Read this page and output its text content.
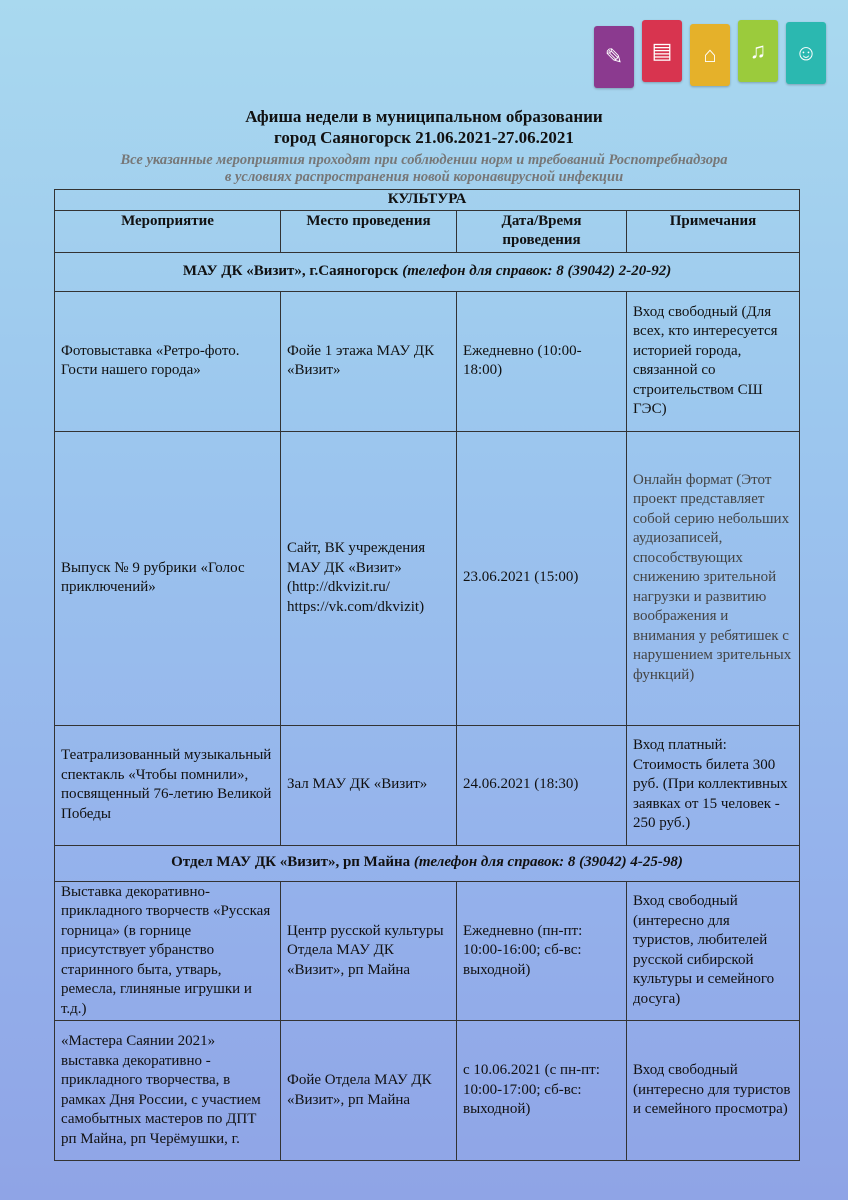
✎	▤	⌂	♫	☺
Афиша недели в муниципальном образовании
город Саяногорск 21.06.2021-27.06.2021
Все указанные мероприятия проходят при соблюдении норм и требований Роспотребнадзора
в условиях распространения новой коронавирусной инфекции
КУЛЬТУРА			
Мероприятие	Место проведения	Дата/Время проведения	Примечания
МАУ ДК «Визит», г.Саяногорск (телефон для справок: 8 (39042) 2-20-92)			
Фотовыставка «Ретро-фото. Гости нашего города»	Фойе 1 этажа МАУ ДК «Визит»	Ежедневно (10:00-18:00)	Вход свободный (Для всех, кто интересуется историей города, связанной со строительством СШ ГЭС)
Выпуск № 9 рубрики «Голос приключений»	Сайт, ВК учреждения МАУ ДК «Визит» (http://dkvizit.ru/ https://vk.com/dkvizit)	23.06.2021 (15:00)	Онлайн формат (Этот проект представляет собой серию небольших аудиозаписей, способствующих снижению зрительной нагрузки и развитию воображения и внимания у ребятишек с нарушением зрительных функций)
Театрализованный музыкальный спектакль «Чтобы помнили», посвященный 76-летию Великой Победы	Зал МАУ ДК «Визит»	24.06.2021 (18:30)	Вход платный: Стоимость билета 300 руб. (При коллективных заявках от 15 человек - 250 руб.)
Отдел МАУ ДК «Визит», рп Майна (телефон для справок: 8 (39042) 4-25-98)			
Выставка декоративно-прикладного творчеств «Русская горница» (в горнице присутствует убранство старинного быта, утварь, ремесла, глиняные игрушки и т.д.)	Центр русской культуры Отдела МАУ ДК «Визит», рп Майна	Ежедневно (пн-пт: 10:00-16:00; сб-вс: выходной)	Вход свободный (интересно для туристов, любителей русской сибирской культуры и семейного досуга)
«Мастера Саянии 2021» выставка декоративно - прикладного творчества, в рамках Дня России, с участием самобытных мастеров по ДПТ рп Майна, рп Черёмушки, г.	Фойе Отдела МАУ ДК «Визит», рп Майна	с 10.06.2021 (с пн-пт: 10:00-17:00; сб-вс: выходной)	Вход свободный (интересно для туристов и семейного просмотра)
